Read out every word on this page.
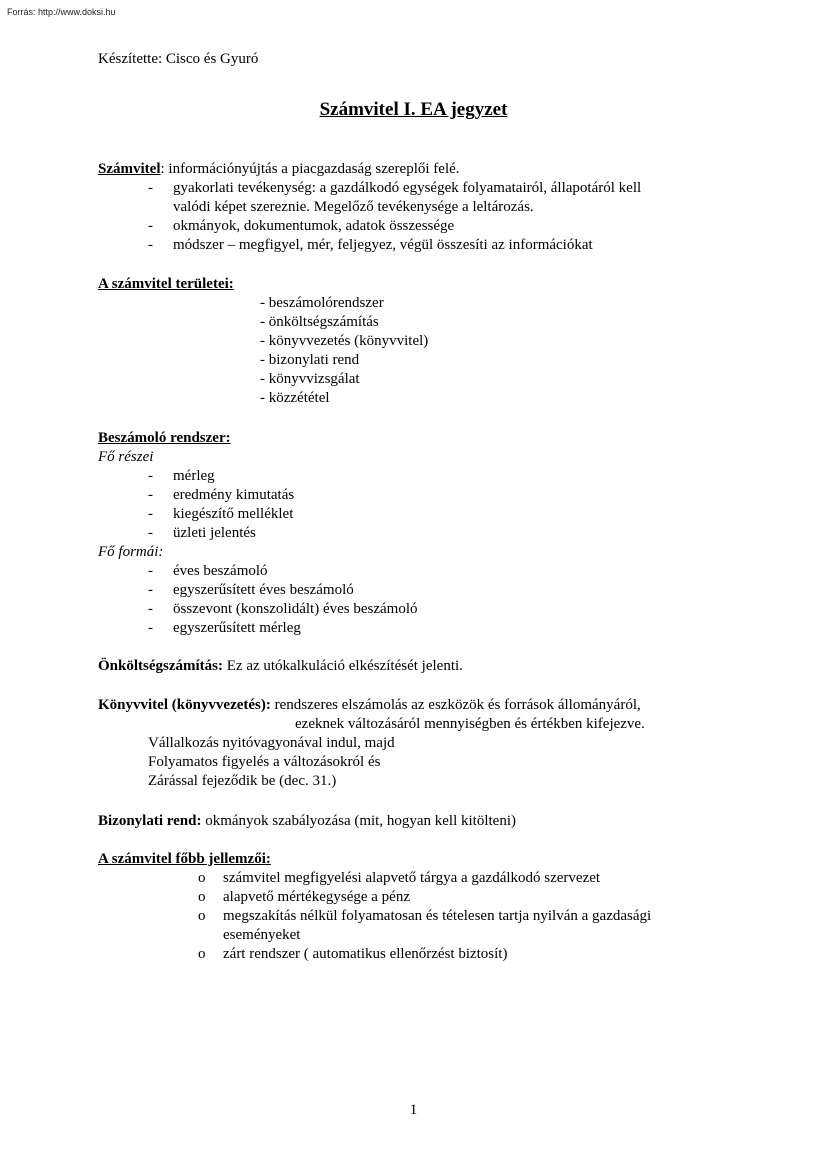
Forrás: http://www.doksi.hu
Készítette: Cisco és Gyuró
Számvitel I. EA jegyzet
Számvitel: információnyújtás a piacgazdaság szereplői felé.
- gyakorlati tevékenység: a gazdálkodó egységek folyamatairól, állapotáról kell
valódi képet szereznie. Megelőző tevékenysége a leltározás.
- okmányok, dokumentumok, adatok összessége
- módszer – megfigyel, mér, feljegyez, végül összesíti az információkat
A számvitel területei:
- beszámolórendszer
- önköltségszámítás
- könyvvezetés (könyvvitel)
- bizonylati rend
- könyvvizsgálat
- közzététel
Beszámoló rendszer:
Fő részei
- mérleg
- eredmény kimutatás
- kiegészítő melléklet
- üzleti jelentés
Fő formái:
- éves beszámoló
- egyszerűsített éves beszámoló
- összevont (konszolidált) éves beszámoló
- egyszerűsített mérleg
Önköltségszámítás: Ez az utókalkuláció elkészítését jelenti.
Könyvvitel (könyvvezetés): rendszeres elszámolás az eszközök és források állományáról,
ezeknek változásáról mennyiségben és értékben kifejezve.
Vállalkozás nyitóvagyonával indul, majd
Folyamatos figyelés a változásokról és
Zárással fejeződik be (dec. 31.)
Bizonylati rend: okmányok szabályozása (mit, hogyan kell kitölteni)
A számvitel főbb jellemzői:
o számvitel megfigyelési alapvető tárgya a gazdálkodó szervezet
o alapvető mértékegysége a pénz
o megszakítás nélkül folyamatosan és tételesen tartja nyilván a gazdasági
eseményeket
o zárt rendszer ( automatikus ellenőrzést biztosít)
1
